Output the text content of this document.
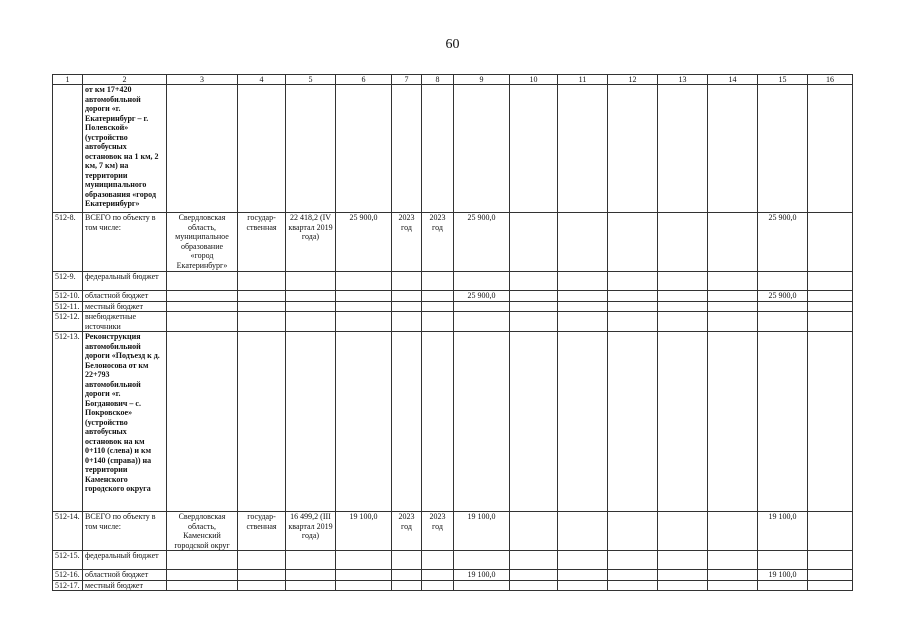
60
1	2	3	4	5	6	7	8	9	10	11	12	13	14	15	16
	от км 17+420 автомобильной дороги «г. Екатеринбург – г. Полевской» (устройство автобусных остановок на 1 км, 2 км, 7 км) на территории муниципального образования «город Екатеринбург»														
512-8.	ВСЕГО по объекту в том числе:	Свердловская область, муниципальное образование «город Екатеринбург»	государ-ственная	22 418,2 (IV квартал 2019 года)	25 900,0	2023 год	2023 год	25 900,0						25 900,0	
512-9.	федеральный бюджет														
512-10.	областной бюджет							25 900,0						25 900,0	
512-11.	местный бюджет														
512-12.	внебюджетные источники														
512-13.	Реконструкция автомобильной дороги «Подъезд к д. Белоносова от км 22+793 автомобильной дороги «г. Богданович – с. Покровское» (устройство автобусных остановок на км 0+110 (слева) и км 0+140 (справа)) на территории Каменского городского округа														
512-14.	ВСЕГО по объекту в том числе:	Свердловская область, Каменский городской округ	государ-ственная	16 499,2 (III квартал 2019 года)	19 100,0	2023 год	2023 год	19 100,0						19 100,0	
512-15.	федеральный бюджет														
512-16.	областной бюджет							19 100,0						19 100,0	
512-17.	местный бюджет														
